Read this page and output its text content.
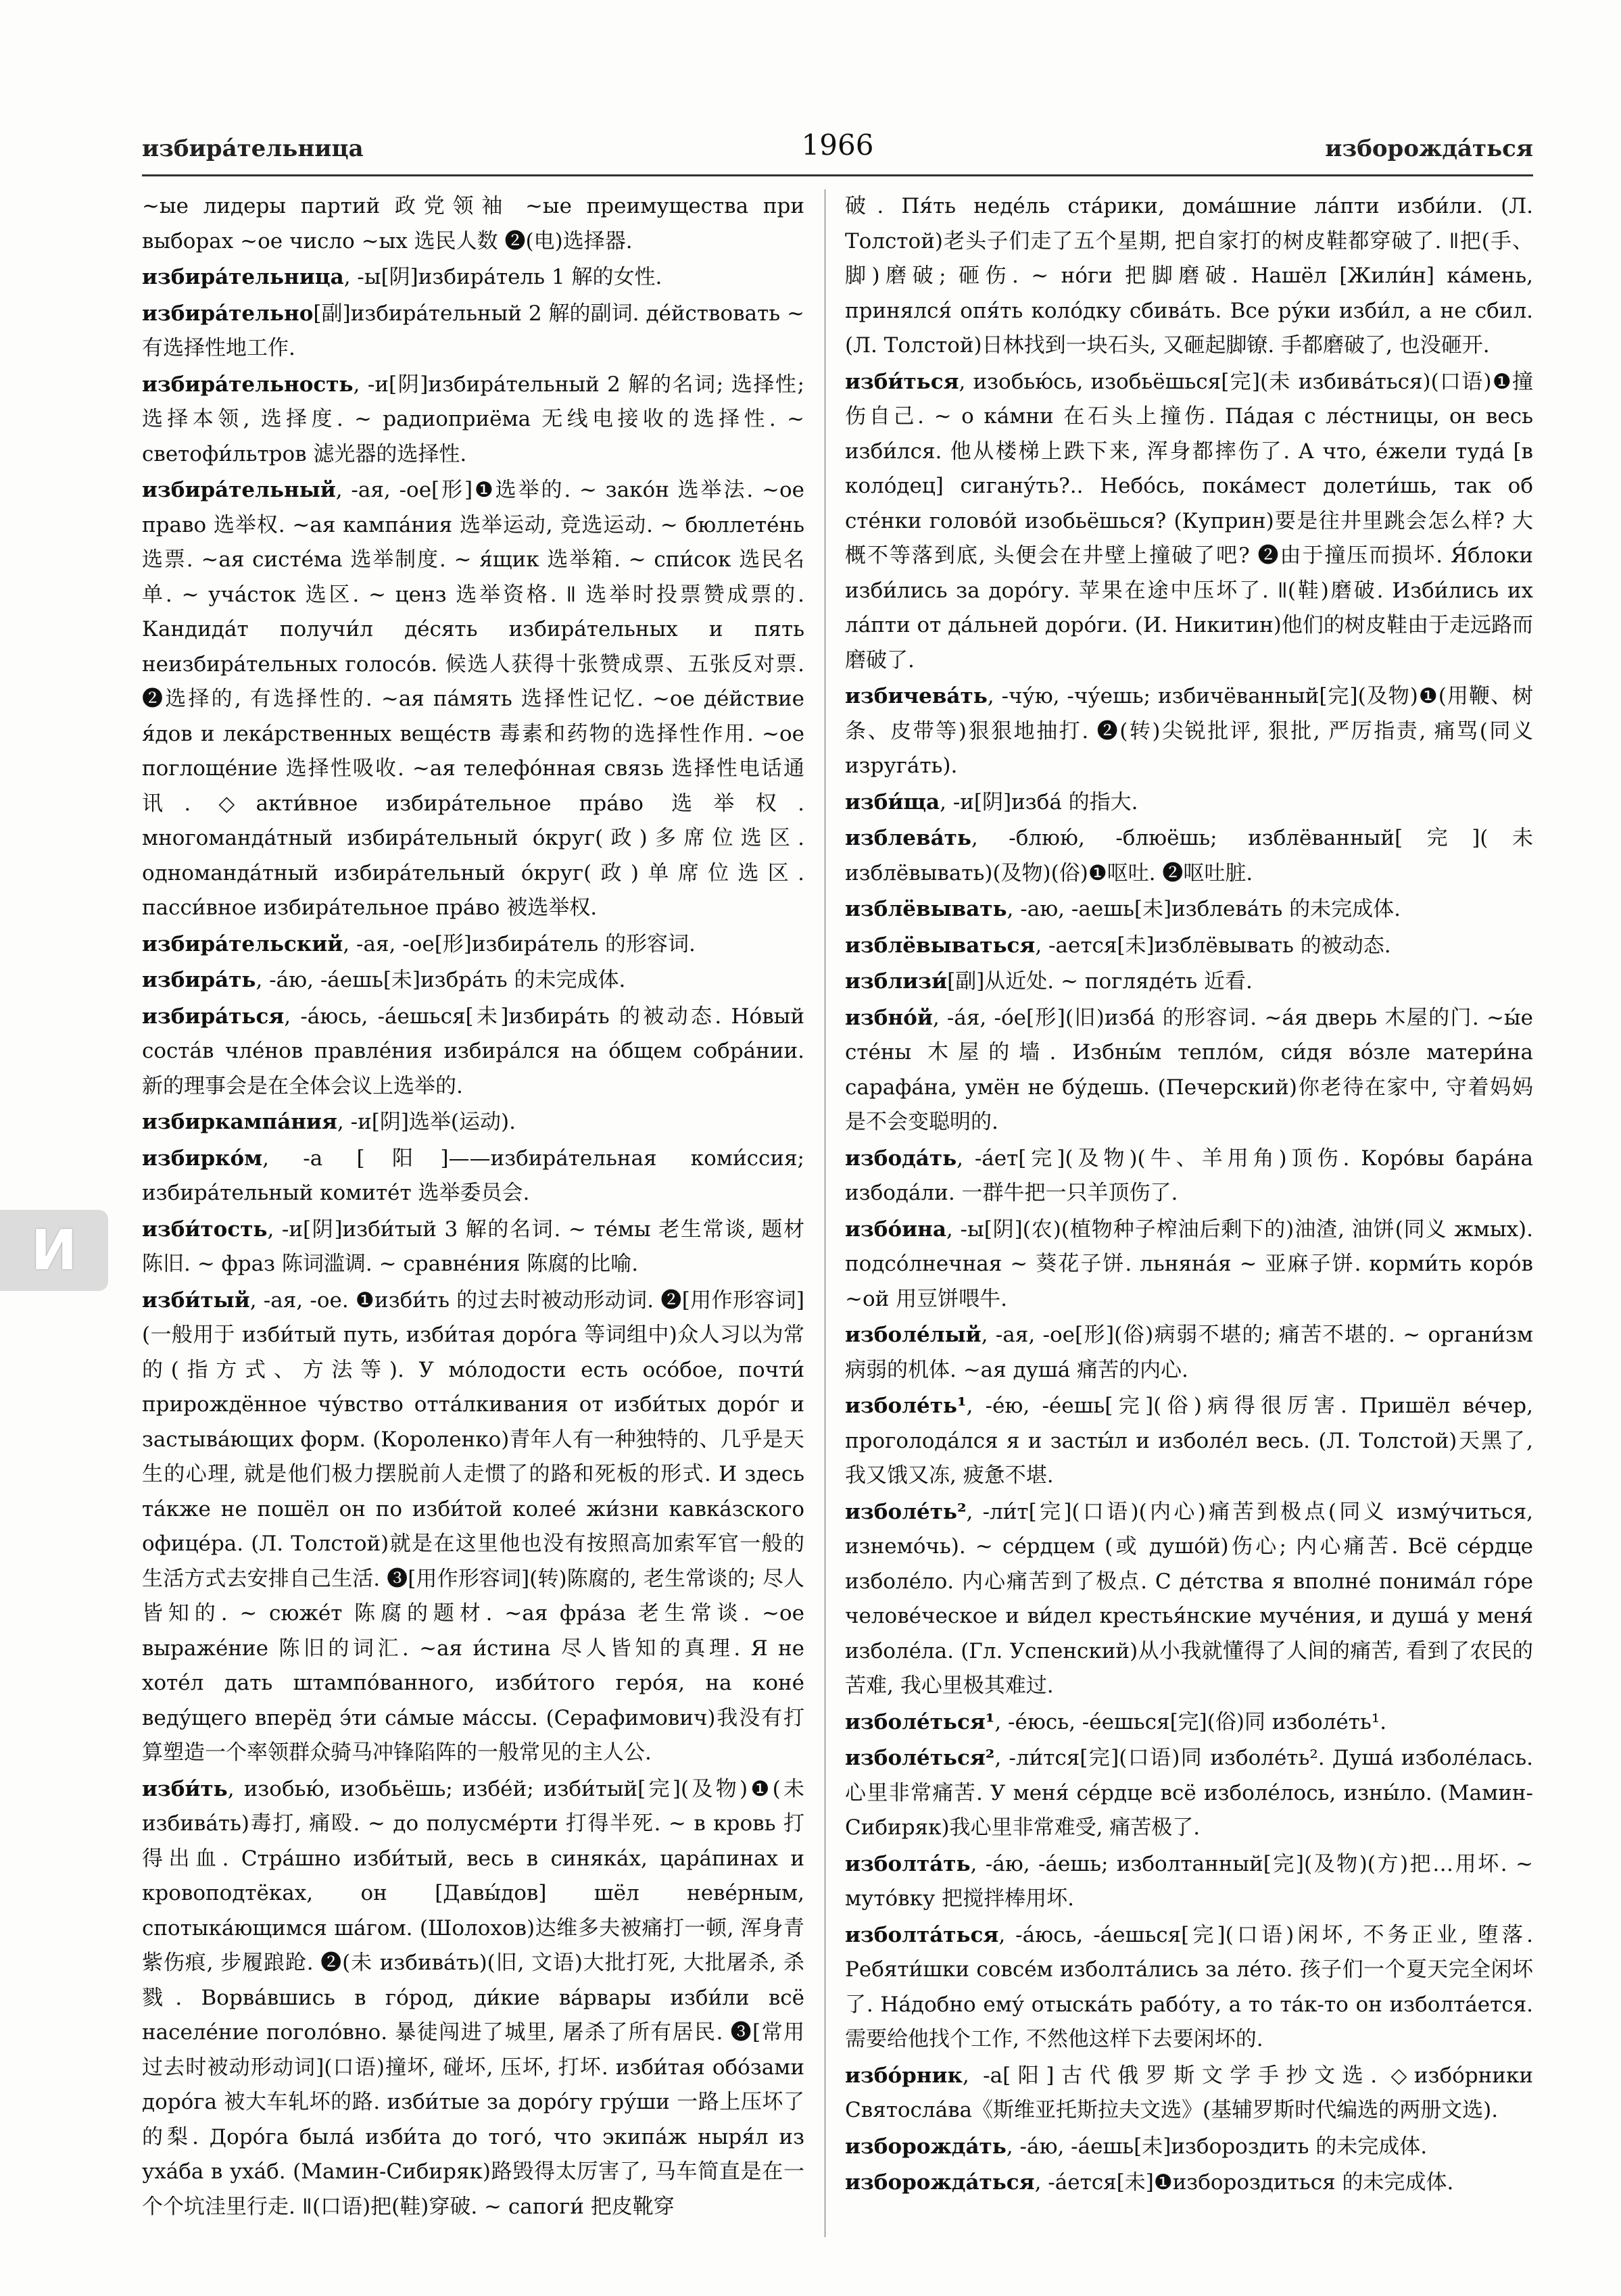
избира́тельница	1966	изборожда́ться

~ые лидеры партий 政党领袖 ~ые преимущества при выборах ~ое число ~ых 选民人数 ❷(电)选择器.

избира́тельница, -ы[阴]избира́тель 1 解的女性.

избира́тельно[副]избира́тельный 2 解的副词. де́йствовать ~ 有选择性地工作.

избира́тельность, -и[阴]избира́тельный 2 解的名词; 选择性; 选择本领, 选择度. ~ радиоприёма 无线电接收的选择性. ~ светофи́льтров 滤光器的选择性.

избира́тельный, -ая, -ое[形]❶选举的. ~ зако́н 选举法. ~ое право 选举权. ~ая кампа́ния 选举运动, 竞选运动. ~ бюллете́нь 选票. ~ая систе́ма 选举制度. ~ я́щик 选举箱. ~ спи́сок 选民名单. ~ уча́сток 选区. ~ ценз 选举资格. ǁ 选举时投票赞成票的. Кандида́т получи́л де́сять избира́тельных и пять неизбира́тельных голосо́в. 候选人获得十张赞成票、五张反对票. ❷选择的, 有选择性的. ~ая па́мять 选择性记忆. ~ое де́йствие я́дов и лека́рственных веще́ств 毒素和药物的选择性作用. ~ое поглоще́ние 选择性吸收. ~ая телефо́нная связь 选择性电话通讯. ◇акти́вное избира́тельное пра́во 选举权. многоманда́тный избира́тельный о́круг(政)多席位选区. одноманда́тный избира́тельный о́круг(政)单席位选区. пасси́вное избира́тельное пра́во 被选举权.

избира́тельский, -ая, -ое[形]избира́тель 的形容词.

избира́ть, -а́ю, -а́ешь[未]избра́ть 的未完成体.

избира́ться, -а́юсь, -а́ешься[未]избира́ть 的被动态. Но́вый соста́в чле́нов правле́ния избира́лся на о́бщем собра́нии. 新的理事会是在全体会议上选举的.

избиркампа́ния, -и[阴]选举(运动).

избирко́м, -а [阳]——избира́тельная коми́ссия; избира́тельный комите́т 选举委员会.

изби́тость, -и[阴]изби́тый 3 解的名词. ~ те́мы 老生常谈, 题材陈旧. ~ фраз 陈词滥调. ~ сравне́ния 陈腐的比喻.

изби́тый, -ая, -ое. ❶изби́ть 的过去时被动形动词. ❷[用作形容词](一般用于 изби́тый путь, изби́тая доро́га 等词组中)众人习以为常的(指方式、方法等). У мо́лодости есть осо́бое, почти́ прирождённое чу́вство отта́лкивания от изби́тых доро́г и застыва́ющих форм. (Короленко)青年人有一种独特的、几乎是天生的心理, 就是他们极力摆脱前人走惯了的路和死板的形式. И здесь та́кже не пошёл он по изби́той колее́ жи́зни кавка́зского офице́ра. (Л. Толстой)就是在这里他也没有按照高加索军官一般的生活方式去安排自己生活. ❸[用作形容词](转)陈腐的, 老生常谈的; 尽人皆知的. ~ сюже́т 陈腐的题材. ~ая фра́за 老生常谈. ~ое выраже́ние 陈旧的词汇. ~ая и́стина 尽人皆知的真理. Я не хоте́л дать штампо́ванного, изби́того геро́я, на коне́ веду́щего вперёд э́ти са́мые ма́ссы. (Серафимович)我没有打算塑造一个率领群众骑马冲锋陷阵的一般常见的主人公.

изби́ть, изобью́, изобьёшь; избе́й; изби́тый[完](及物)❶(未 избива́ть)毒打, 痛殴. ~ до полусме́рти 打得半死. ~ в кровь 打得出血. Стра́шно изби́тый, весь в синяка́х, цара́пинах и кровоподтёках, он [Давы́дов] шёл невéрным, спотыка́ющимся ша́гом. (Шолохов)达维多夫被痛打一顿, 浑身青紫伤痕, 步履踉跄. ❷(未 избива́ть)(旧, 文语)大批打死, 大批屠杀, 杀戮. Ворва́вшись в го́род, ди́кие ва́рвары изби́ли всё населе́ние поголо́вно. 暴徒闯进了城里, 屠杀了所有居民. ❸[常用过去时被动形动词](口语)撞坏, 碰坏, 压坏, 打坏. изби́тая обо́зами доро́га 被大车轧坏的路. изби́тые за доро́гу гру́ши 一路上压坏了的梨. Доро́га была́ изби́та до того́, что экипа́ж ныря́л из уха́ба в уха́б. (Мамин-Сибиряк)路毁得太厉害了, 马车简直是在一个个坑洼里行走. ǁ(口语)把(鞋)穿破. ~ сапоги́ 把皮靴穿

破. Пя́ть неде́ль ста́рики, дома́шние ла́пти изби́ли. (Л. Толстой)老头子们走了五个星期, 把自家打的树皮鞋都穿破了. ǁ把(手、脚)磨破; 砸伤. ~ но́ги 把脚磨破. Нашёл [Жили́н] ка́мень, принялся́ опя́ть коло́дку сбива́ть. Все ру́ки изби́л, а не сбил. (Л. Толстой)日林找到一块石头, 又砸起脚镣. 手都磨破了, 也没砸开.

изби́ться, изобью́сь, изобьёшься[完](未 избива́ться)(口语)❶撞伤自己. ~ о ка́мни 在石头上撞伤. Па́дая с ле́стницы, он весь изби́лся. 他从楼梯上跌下来, 浑身都摔伤了. А что, е́жели туда́ [в коло́дец] сигану́ть?.. Небо́сь, пока́мест долети́шь, так об сте́нки голово́й изобьёшься? (Куприн)要是往井里跳会怎么样? 大概不等落到底, 头便会在井壁上撞破了吧? ❷由于撞压而损坏. Я́блоки изби́лись за доро́гу. 苹果在途中压坏了. ǁ(鞋)磨破. Изби́лись их ла́пти от да́льней доро́ги. (И. Никитин)他们的树皮鞋由于走远路而磨破了.

избичева́ть, -чу́ю, -чу́ешь; избичёванный[完](及物)❶(用鞭、树条、皮带等)狠狠地抽打. ❷(转)尖锐批评, 狠批, 严厉指责, 痛骂(同义 изруга́ть).

изби́ща, -и[阴]изба́ 的指大.

изблева́ть, -блюю́, -блюёшь; изблёванный[完](未 изблёвывать)(及物)(俗)❶呕吐. ❷呕吐脏.

изблёвывать, -аю, -аешь[未]изблева́ть 的未完成体.

изблёвываться, -ается[未]изблёвывать 的被动态.

изблизи́[副]从近处. ~ погляде́ть 近看.

избно́й, -а́я, -о́е[形](旧)изба́ 的形容词. ~а́я дверь 木屋的门. ~ы́е сте́ны 木屋的墙. Избны́м тепло́м, си́дя во́зле матери́на сарафа́на, умён не бу́дешь. (Печерский)你老待在家中, 守着妈妈是不会变聪明的.

избода́ть, -а́ет[完](及物)(牛、羊用角)顶伤. Коро́вы бара́на избода́ли. 一群牛把一只羊顶伤了.

избо́ина, -ы[阴](农)(植物种子榨油后剩下的)油渣, 油饼(同义 жмых). подсо́лнечная ~ 葵花子饼. льняна́я ~ 亚麻子饼. корми́ть коро́в ~ой 用豆饼喂牛.

изболе́лый, -ая, -ое[形](俗)病弱不堪的; 痛苦不堪的. ~ органи́зм 病弱的机体. ~ая душа́ 痛苦的内心.

изболе́ть¹, -е́ю, -е́ешь[完](俗)病得很厉害. Пришёл ве́чер, проголода́лся я и засты́л и изболе́л весь. (Л. Толстой)天黑了, 我又饿又冻, 疲惫不堪.

изболе́ть², -ли́т[完](口语)(内心)痛苦到极点(同义 изму́читься, изнемо́чь). ~ се́рдцем (或 душо́й)伤心; 内心痛苦. Всё се́рдце изболе́ло. 内心痛苦到了极点. С де́тства я вполне́ понима́л го́ре челове́ческое и ви́дел крестья́нские муче́ния, и душа́ у меня́ изболе́ла. (Гл. Успенский)从小我就懂得了人间的痛苦, 看到了农民的苦难, 我心里极其难过.

изболе́ться¹, -е́юсь, -е́ешься[完](俗)同 изболе́ть¹.

изболе́ться², -ли́тся[完](口语)同 изболе́ть². Душа́ изболе́лась. 心里非常痛苦. У меня́ се́рдце всё изболе́лось, изны́ло. (Мамин-Сибиряк)我心里非常难受, 痛苦极了.

изболта́ть, -а́ю, -а́ешь; изболтанный[完](及物)(方)把…用坏. ~ муто́вку 把搅拌棒用坏.

изболта́ться, -а́юсь, -а́ешься[完](口语)闲坏, 不务正业, 堕落. Ребяти́шки совсе́м изболта́лись за ле́то. 孩子们一个夏天完全闲坏了. На́добно ему́ отыска́ть рабо́ту, а то та́к-то он изболта́ется. 需要给他找个工作, 不然他这样下去要闲坏的.

избо́рник, -а[阳]古代俄罗斯文学手抄文选. ◇избо́рники Святосла́ва《斯维亚托斯拉夫文选》(基辅罗斯时代编选的两册文选).

изборожда́ть, -а́ю, -а́ешь[未]избороздить 的未完成体.

изборожда́ться, -а́ется[未]❶избороздиться 的未完成体.

И
